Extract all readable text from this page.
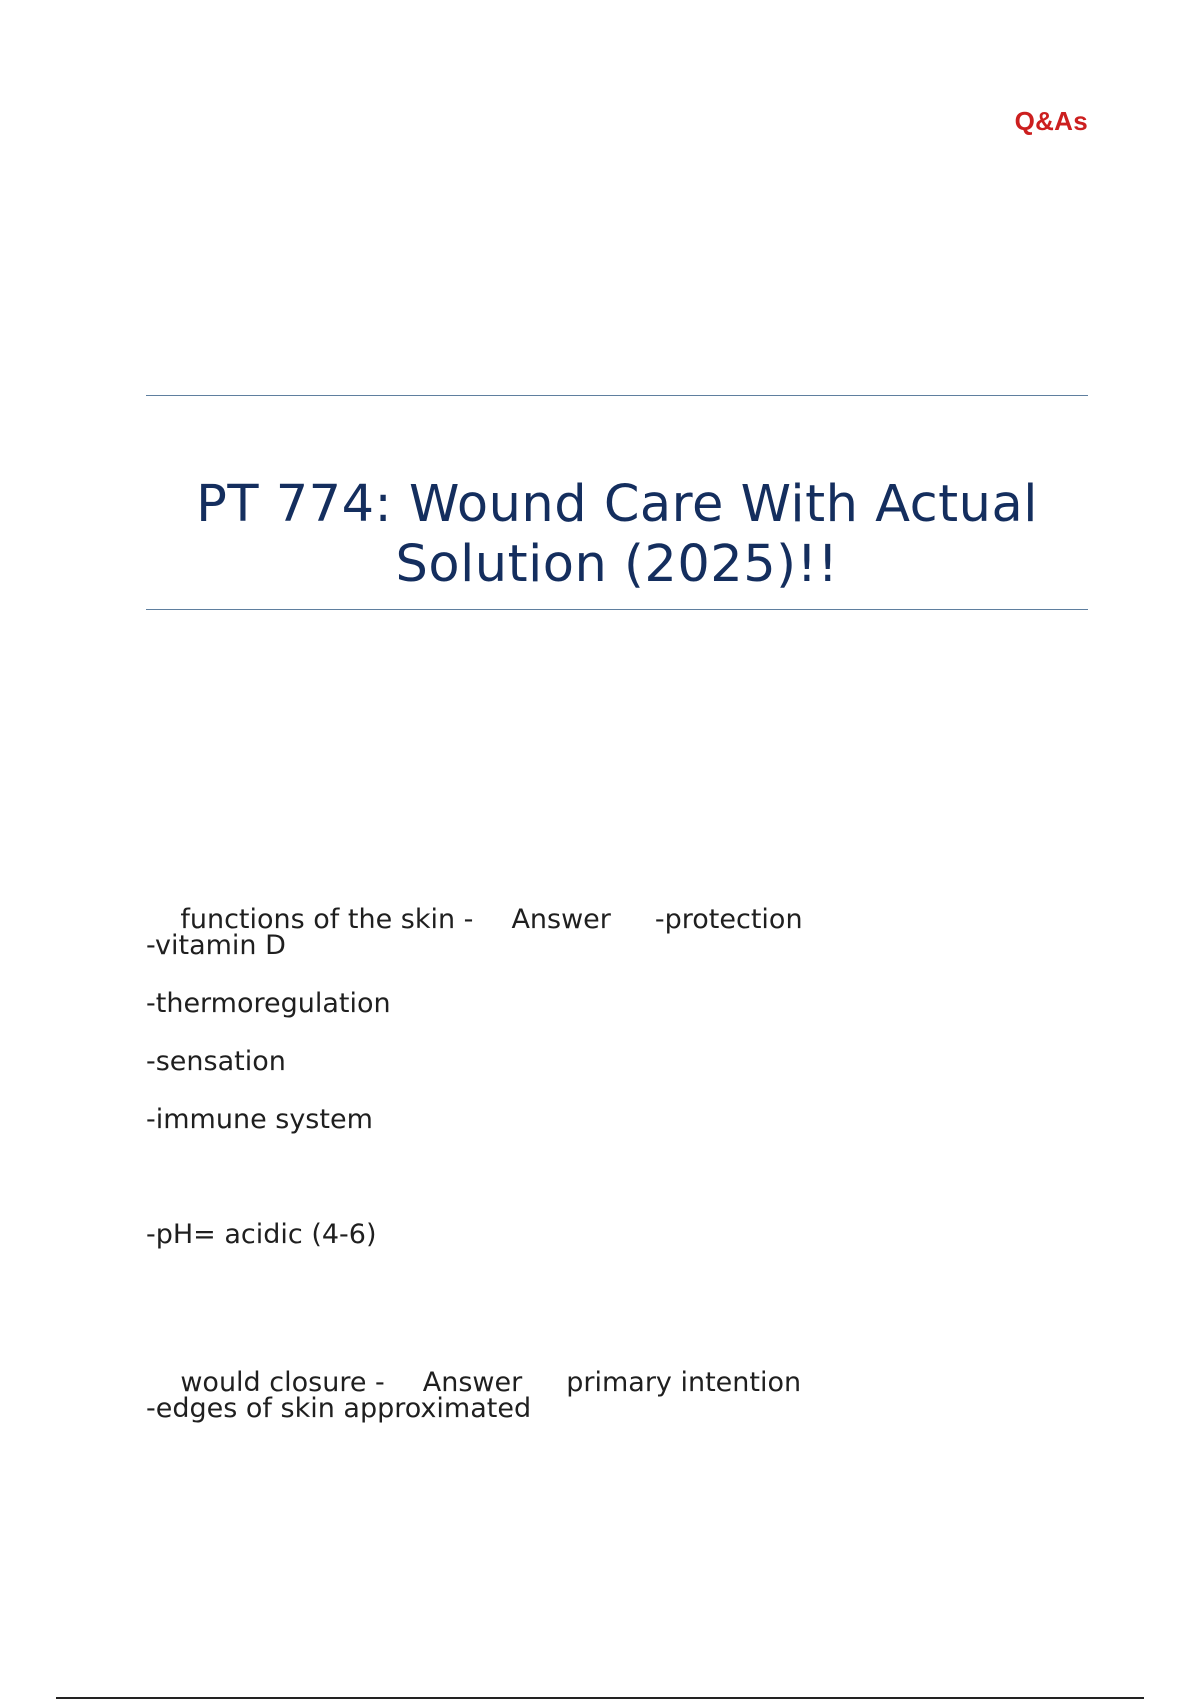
Q&As
PT 774: Wound Care With Actual
Solution (2025)!!

functions of the skin - Answer -protection

-vitamin D
-thermoregulation
-sensation
-immune system
-pH= acidic (4-6)

would closure - Answer primary intention

-edges of skin approximated
